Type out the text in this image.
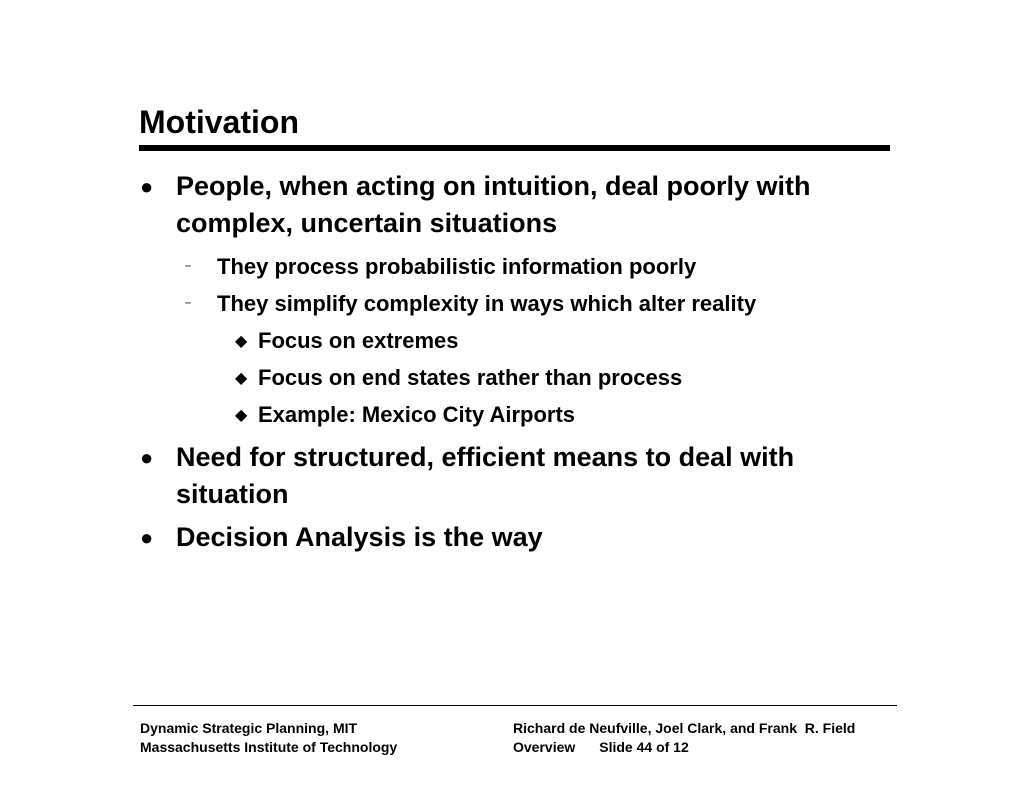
Motivation
● People, when acting on intuition, deal poorly with complex, uncertain situations
– They process probabilistic information poorly
– They simplify complexity in ways which alter reality
◆ Focus on extremes
◆ Focus on end states rather than process
◆ Example: Mexico City Airports
● Need for structured, efficient means to deal with situation
● Decision Analysis is the way
Dynamic Strategic Planning, MIT
Massachusetts Institute of Technology
Richard de Neufville, Joel Clark, and Frank  R. Field
Overview Slide 44 of 12
